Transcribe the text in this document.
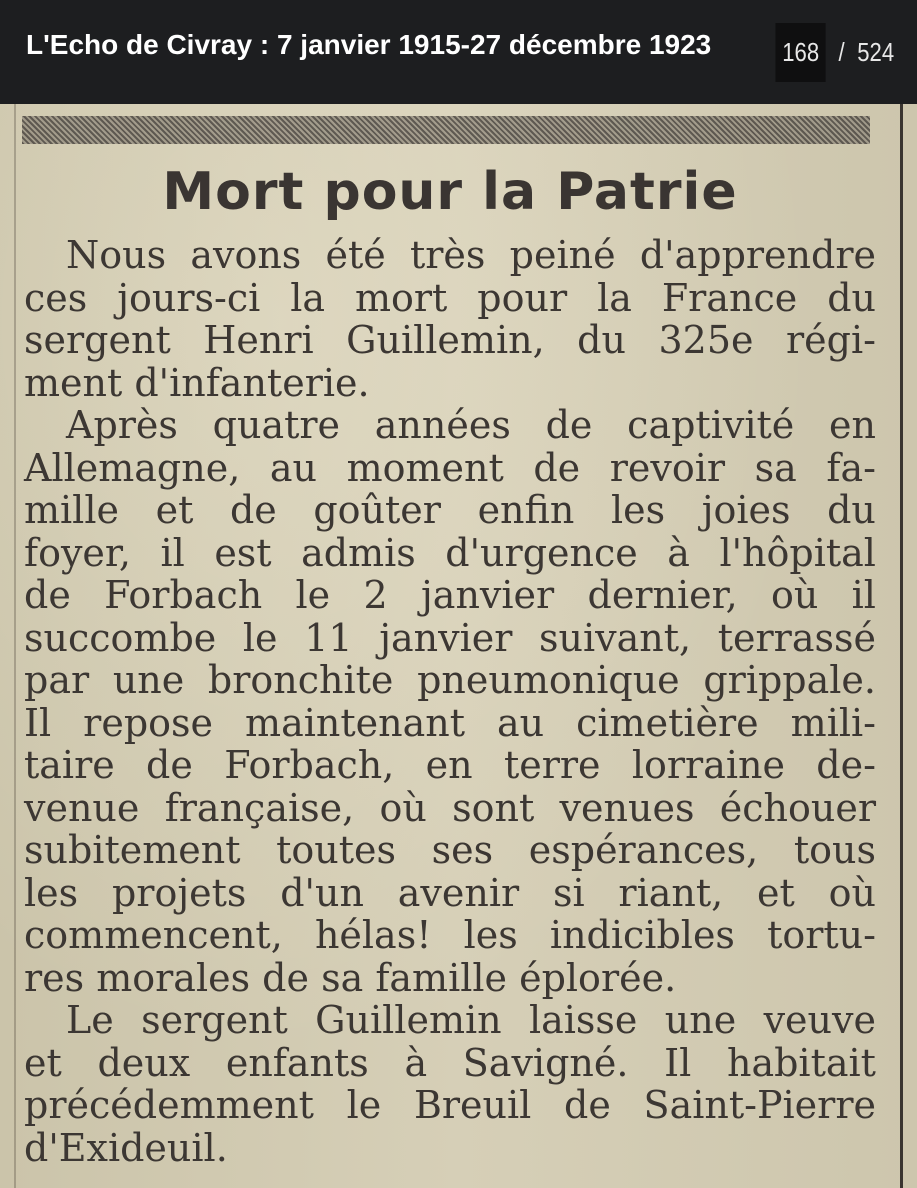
L'Echo de Civray : 7 janvier 1915-27 décembre 1923	168 / 524
Mort pour la Patrie
Nous avons été très peiné d'apprendre
ces jours-ci la mort pour la France du
sergent Henri Guillemin, du 325e régi-
ment d'infanterie.
Après quatre années de captivité en
Allemagne, au moment de revoir sa fa-
mille et de goûter enfin les joies du
foyer, il est admis d'urgence à l'hôpital
de Forbach le 2 janvier dernier, où il
succombe le 11 janvier suivant, terrassé
par une bronchite pneumonique grippale.
Il repose maintenant au cimetière mili-
taire de Forbach, en terre lorraine de-
venue française, où sont venues échouer
subitement toutes ses espérances, tous
les projets d'un avenir si riant, et où
commencent, hélas! les indicibles tortu-
res morales de sa famille éplorée.
Le sergent Guillemin laisse une veuve
et deux enfants à Savigné. Il habitait
précédemment le Breuil de Saint-Pierre
d'Exideuil.
